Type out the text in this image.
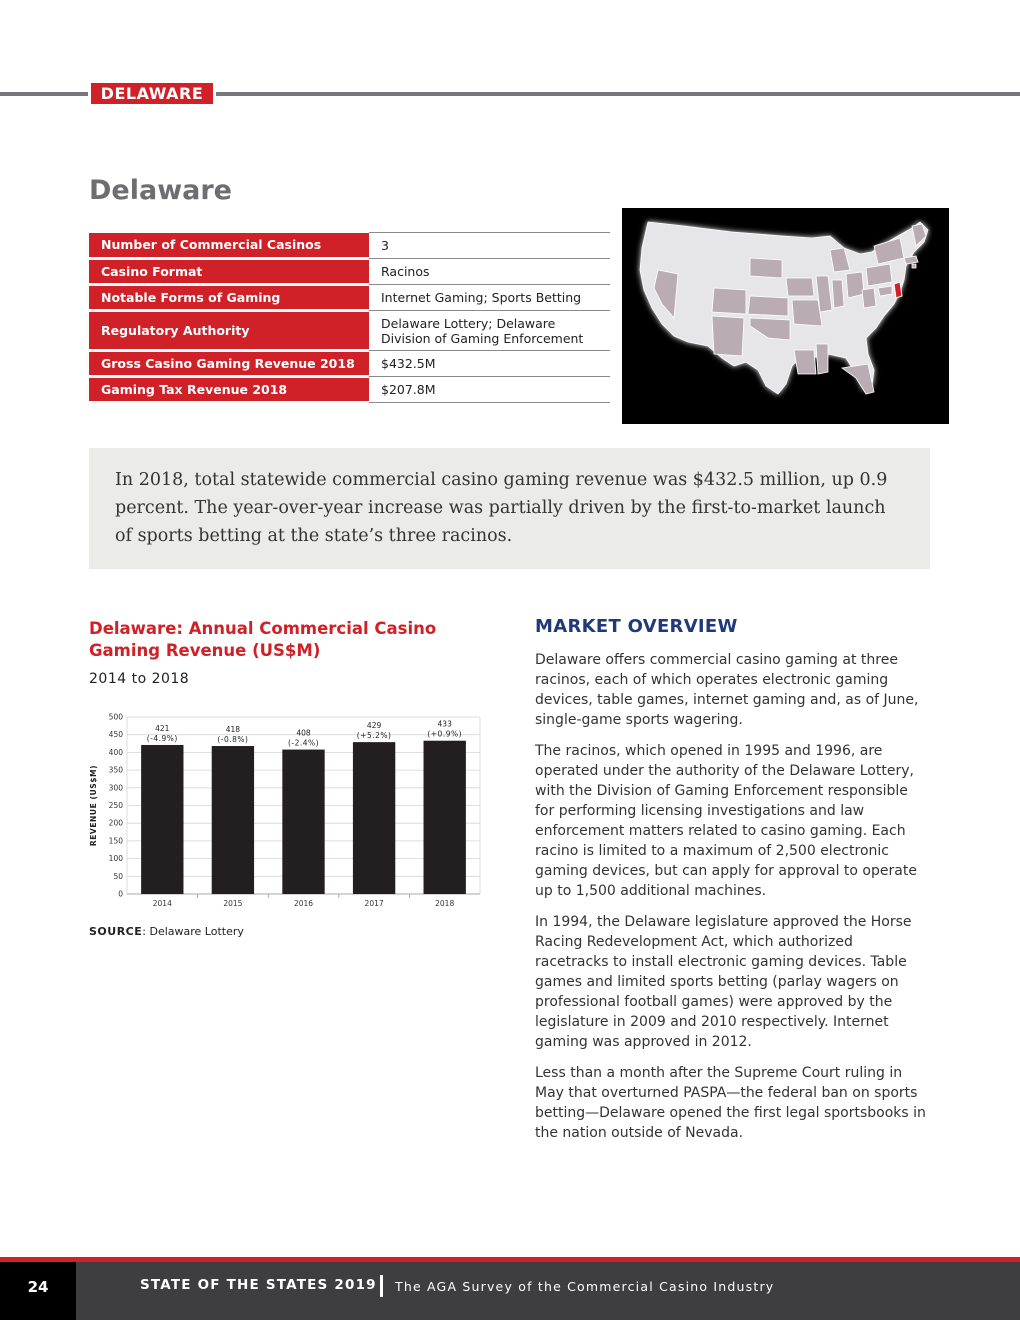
DELAWARE
Delaware
Number of Commercial Casinos	3
Casino Format	Racinos
Notable Forms of Gaming	Internet Gaming; Sports Betting
Regulatory Authority	Delaware Lottery; Delaware Division of Gaming Enforcement
Gross Casino Gaming Revenue 2018	$432.5M
Gaming Tax Revenue 2018	$207.8M
In 2018, total statewide commercial casino gaming revenue was $432.5 million, up 0.9 percent. The year-over-year increase was partially driven by the first-to-market launch of sports betting at the state’s three racinos.
Delaware: Annual Commercial Casino Gaming Revenue (US$M)
2014 to 2018
0
50
100
150
200
250
300
350
400
450
500
REVENUE (US$M)
2014
421
(-4.9%)
2015
418
(-0.8%)
2016
408
(-2.4%)
2017
429
(+5.2%)
2018
433
(+0.9%)
SOURCE: Delaware Lottery
MARKET OVERVIEW

Delaware offers commercial casino gaming at three racinos, each of which operates electronic gaming devices, table games, internet gaming and, as of June, single-game sports wagering.

The racinos, which opened in 1995 and 1996, are operated under the authority of the Delaware Lottery, with the Division of Gaming Enforcement responsible for performing licensing investigations and law enforcement matters related to casino gaming. Each racino is limited to a maximum of 2,500 electronic gaming devices, but can apply for approval to operate up to 1,500 additional machines.

In 1994, the Delaware legislature approved the Horse Racing Redevelopment Act, which authorized racetracks to install electronic gaming devices. Table games and limited sports betting (parlay wagers on professional football games) were approved by the legislature in 2009 and 2010 respectively. Internet gaming was approved in 2012.

Less than a month after the Supreme Court ruling in May that overturned PASPA—the federal ban on sports betting—Delaware opened the first legal sportsbooks in the nation outside of Nevada.

24	STATE OF THE STATES 2019 The AGA Survey of the Commercial Casino Industry
